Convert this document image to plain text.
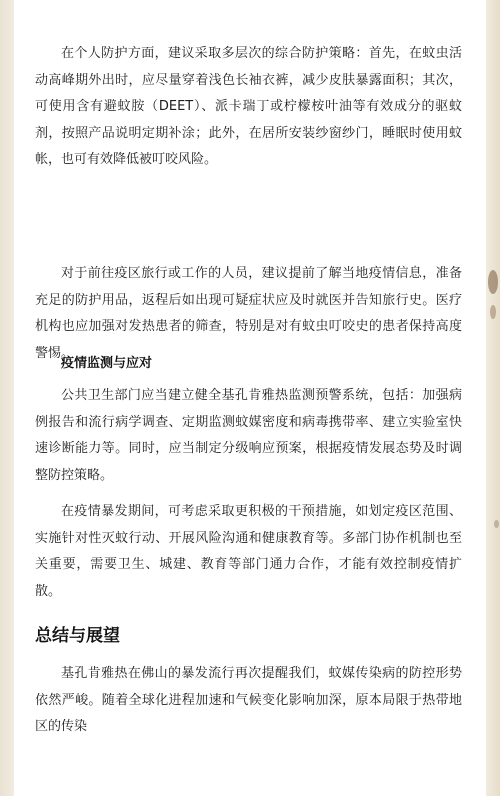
在个人防护方面，建议采取多层次的综合防护策略：首先，在蚊虫活动高峰期外出时，应尽量穿着浅色长袖衣裤，减少皮肤暴露面积；其次，可使用含有避蚊胺（DEET）、派卡瑞丁或柠檬桉叶油等有效成分的驱蚊剂，按照产品说明定期补涂；此外，在居所安装纱窗纱门，睡眠时使用蚊帐，也可有效降低被叮咬风险。

对于前往疫区旅行或工作的人员，建议提前了解当地疫情信息，准备充足的防护用品，返程后如出现可疑症状应及时就医并告知旅行史。医疗机构也应加强对发热患者的筛查，特别是对有蚊虫叮咬史的患者保持高度警惕。

疫情监测与应对

公共卫生部门应当建立健全基孔肯雅热监测预警系统，包括：加强病例报告和流行病学调查、定期监测蚊媒密度和病毒携带率、建立实验室快速诊断能力等。同时，应当制定分级响应预案，根据疫情发展态势及时调整防控策略。

在疫情暴发期间，可考虑采取更积极的干预措施，如划定疫区范围、实施针对性灭蚊行动、开展风险沟通和健康教育等。多部门协作机制也至关重要，需要卫生、城建、教育等部门通力合作，才能有效控制疫情扩散。

总结与展望

基孔肯雅热在佛山的暴发流行再次提醒我们，蚊媒传染病的防控形势依然严峻。随着全球化进程加速和气候变化影响加深，原本局限于热带地区的传染
